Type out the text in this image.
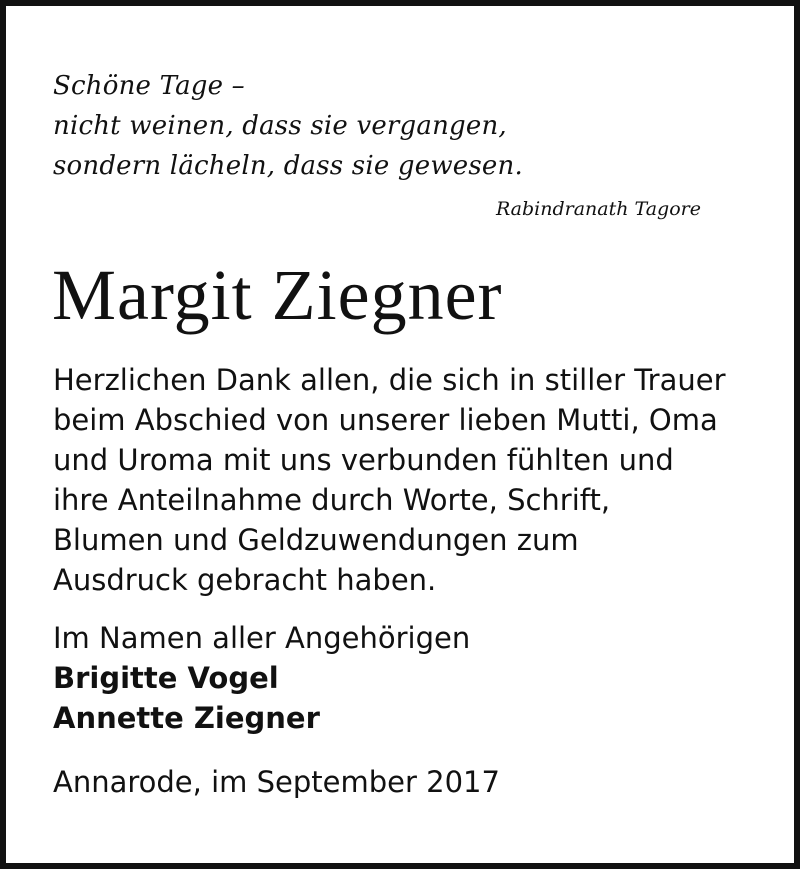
Schöne Tage –
nicht weinen, dass sie vergangen,
sondern lächeln, dass sie gewesen.
Rabindranath Tagore
Margit Ziegner
Herzlichen Dank allen, die sich in stiller Trauer
beim Abschied von unserer lieben Mutti, Oma
und Uroma mit uns verbunden fühlten und
ihre Anteilnahme durch Worte, Schrift,
Blumen und Geldzuwendungen zum
Ausdruck gebracht haben.
Im Namen aller Angehörigen
Brigitte Vogel
Annette Ziegner
Annarode, im September 2017
